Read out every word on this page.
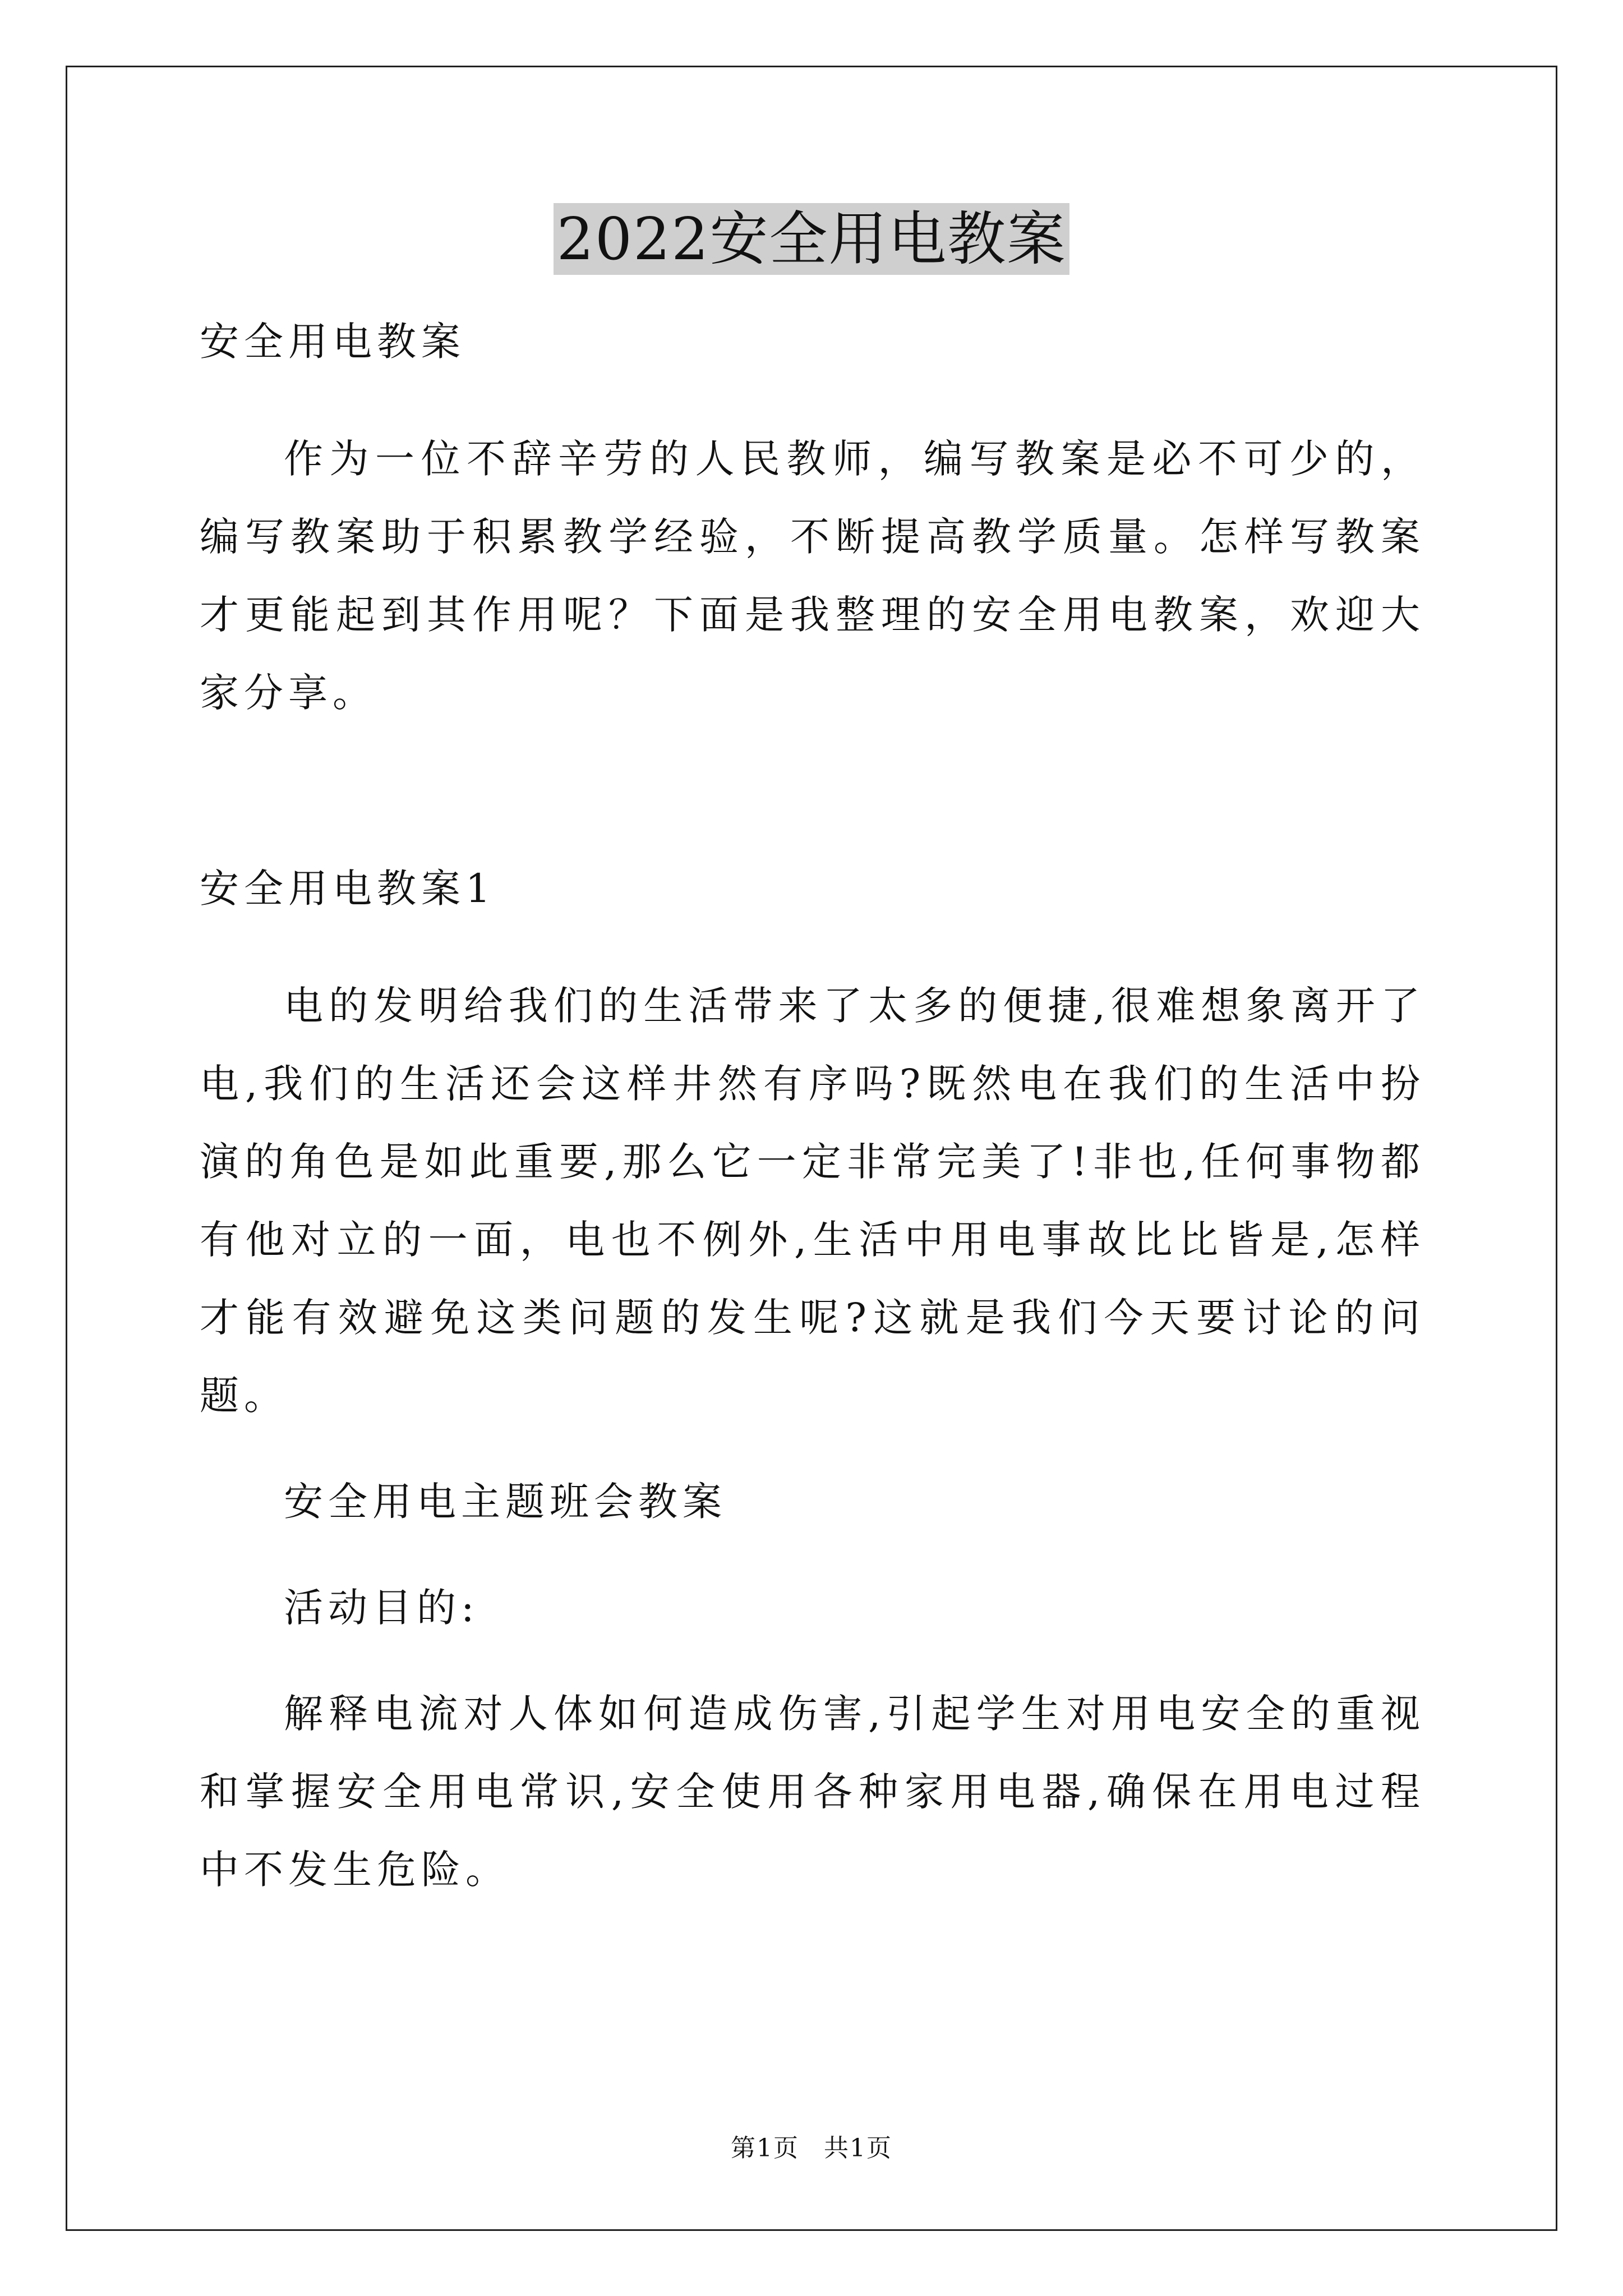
2022安全用电教案

安全用电教案

作为一位不辞辛劳的人民教师，编写教案是必不可少的，编写教案助于积累教学经验，不断提高教学质量。怎样写教案才更能起到其作用呢？下面是我整理的安全用电教案，欢迎大家分享。

安全用电教案1

电的发明给我们的生活带来了太多的便捷,很难想象离开了电,我们的生活还会这样井然有序吗?既然电在我们的生活中扮演的角色是如此重要,那么它一定非常完美了!非也,任何事物都有他对立的一面，电也不例外,生活中用电事故比比皆是,怎样才能有效避免这类问题的发生呢?这就是我们今天要讨论的问题。

安全用电主题班会教案

活动目的:

解释电流对人体如何造成伤害,引起学生对用电安全的重视和掌握安全用电常识,安全使用各种家用电器,确保在用电过程中不发生危险。

第1页 共1页
